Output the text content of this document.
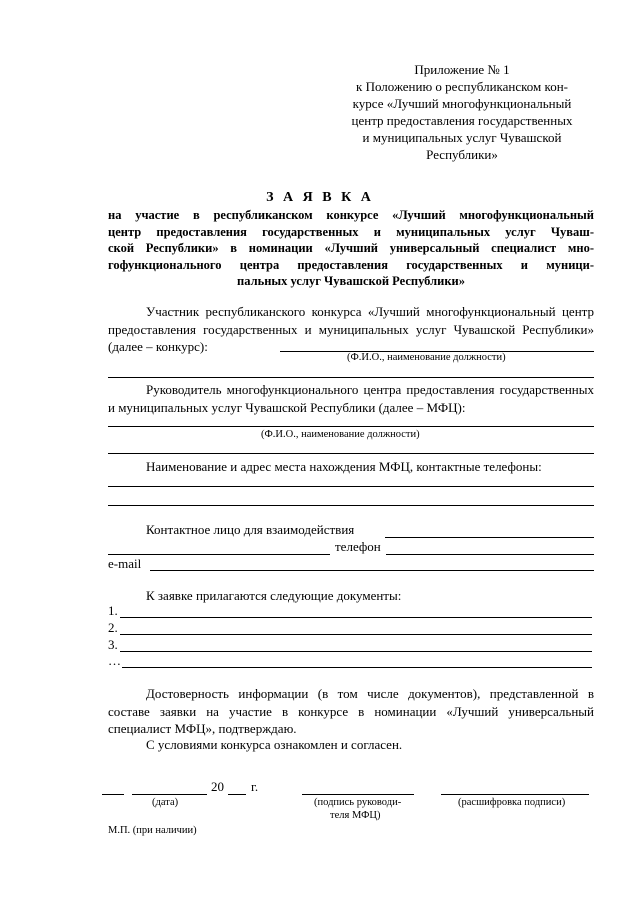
Приложение № 1
к Положению о республиканском кон-
курсе «Лучший многофункциональный
центр предоставления государственных
и муниципальных услуг Чувашской
Республики»
З А Я В К А
на участие в республиканском конкурсе «Лучший многофункциональный
центр предоставления государственных и муниципальных услуг Чуваш-
ской Республики» в номинации «Лучший универсальный специалист мно-
гофункционального центра предоставления государственных и муници-
пальных услуг Чувашской Республики»
Участник республиканского конкурса «Лучший многофункциональный центр предоставления государственных и муниципальных услуг Чувашской Республики» (далее – конкурс):
(Ф.И.О., наименование должности)
Руководитель многофункционального центра предоставления государственных и муниципальных услуг Чувашской Республики (далее – МФЦ):
(Ф.И.О., наименование должности)
Наименование и адрес места нахождения МФЦ, контактные телефоны:
Контактное лицо для взаимодействия
телефон
e-mail
К заявке прилагаются следующие документы:
1.
2.
3.
…
Достоверность информации (в том числе документов), представленной в составе заявки на участие в конкурсе в номинации «Лучший универсальный специалист МФЦ», подтверждаю.
С условиями конкурса ознакомлен и согласен.
20 г.
(дата)	(подпись руководи-
теля МФЦ)
(расшифровка подписи)
М.П. (при наличии)
